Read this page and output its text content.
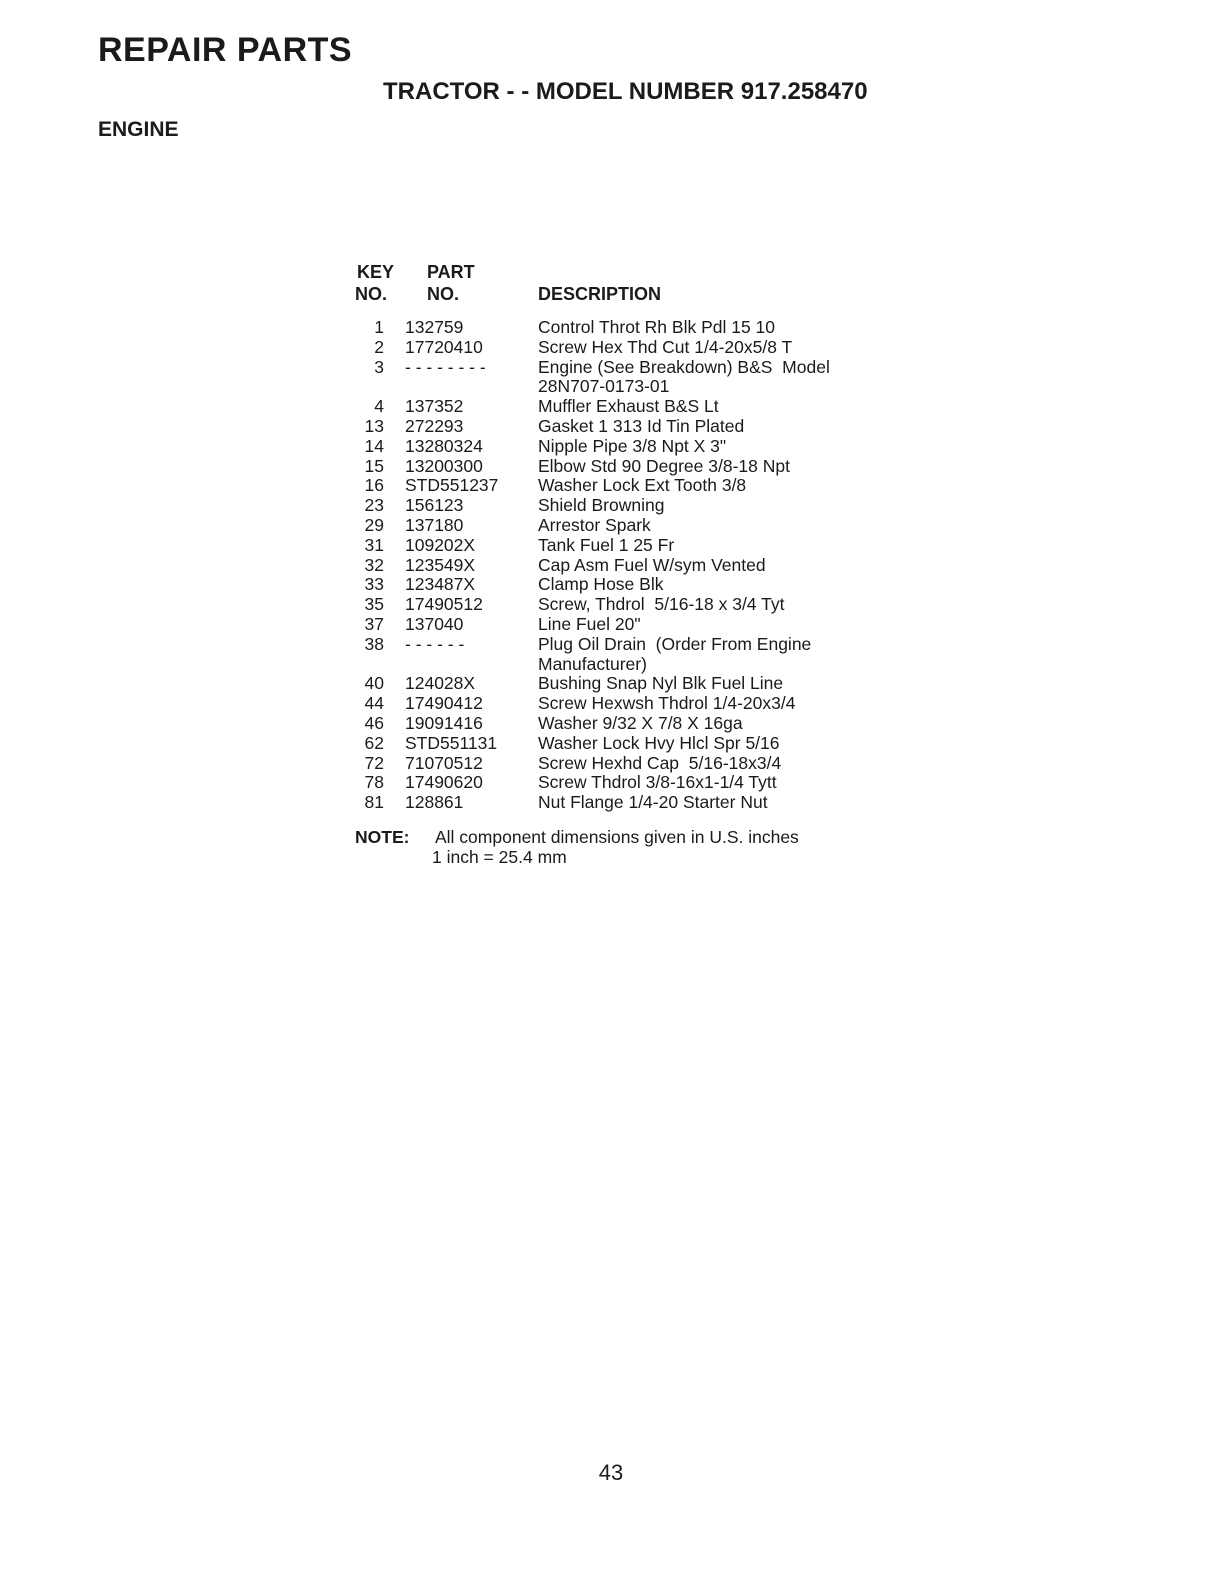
REPAIR PARTS
TRACTOR - - MODEL NUMBER 917.258470
ENGINE
KEY
NO.
PART
NO.	DESCRIPTION
1 132759	Control Throt Rh Blk Pdl 15 10
2 17720410	Screw Hex Thd Cut 1/4-20x5/8 T
3 - - - - - - - -	Engine (See Breakdown) B&S  Model
28N707-0173-01
4 137352	Muffler Exhaust B&S Lt
13 272293	Gasket 1 313 Id Tin Plated
14 13280324	Nipple Pipe 3/8 Npt X 3"
15 13200300	Elbow Std 90 Degree 3/8-18 Npt
16 STD551237 Washer Lock Ext Tooth 3/8
23 156123	Shield Browning
29 137180	Arrestor Spark
31 109202X	Tank Fuel 1 25 Fr
32 123549X	Cap Asm Fuel W/sym Vented
33 123487X	Clamp Hose Blk
35 17490512	Screw, Thdrol  5/16-18 x 3/4 Tyt
37 137040	Line Fuel 20"
38 - - - - - -	Plug Oil Drain  (Order From Engine
Manufacturer)
40 124028X	Bushing Snap Nyl Blk Fuel Line
44 17490412	Screw Hexwsh Thdrol 1/4-20x3/4
46 19091416	Washer 9/32 X 7/8 X 16ga
62 STD551131 Washer Lock Hvy Hlcl Spr 5/16
72 71070512	Screw Hexhd Cap  5/16-18x3/4
78 17490620	Screw Thdrol 3/8-16x1-1/4 Tytt
81 128861	Nut Flange 1/4-20 Starter Nut
NOTE: All component dimensions given in U.S. inches
1 inch = 25.4 mm
43
